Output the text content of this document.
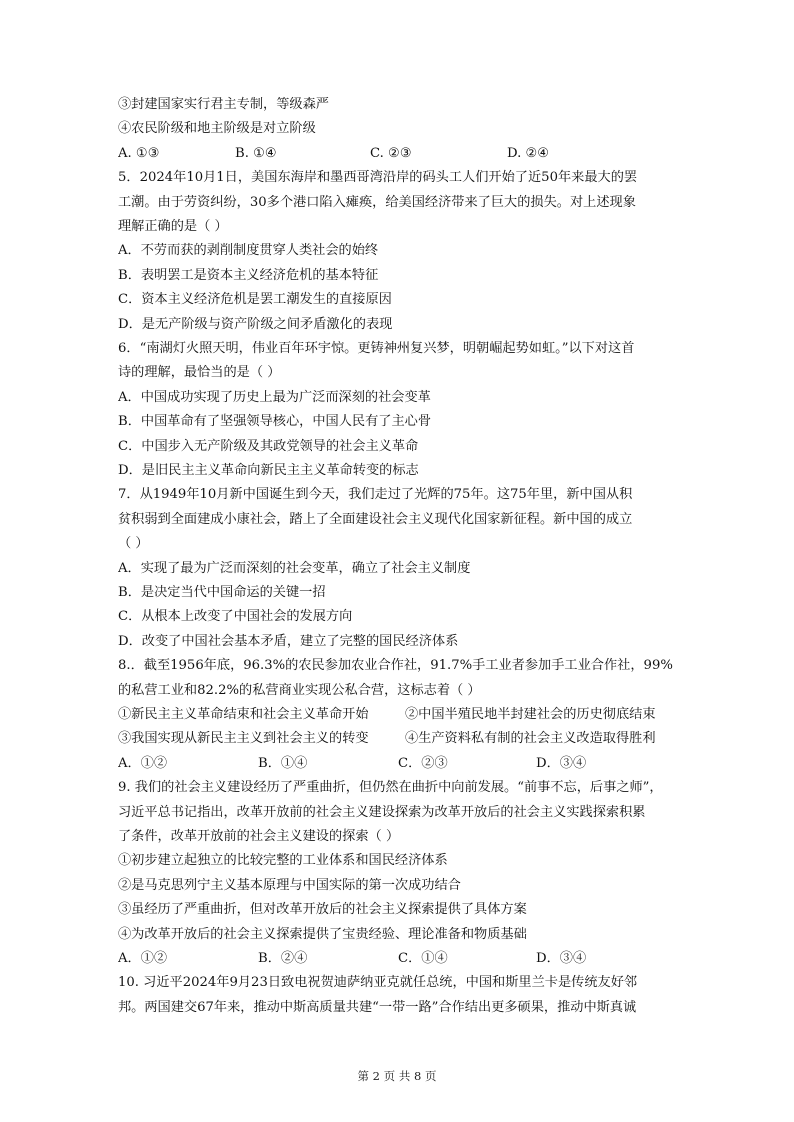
③封建国家实行君主专制，等级森严
④农民阶级和地主阶级是对立阶级
A. ①③	B. ①④	C. ②③	D. ②④
5．2024年10月1日，美国东海岸和墨西哥湾沿岸的码头工人们开始了近50年来最大的罢
工潮。由于劳资纠纷，30多个港口陷入瘫痪，给美国经济带来了巨大的损失。对上述现象
理解正确的是（ ）
A．不劳而获的剥削制度贯穿人类社会的始终
B．表明罢工是资本主义经济危机的基本特征
C．资本主义经济危机是罢工潮发生的直接原因
D．是无产阶级与资产阶级之间矛盾激化的表现
6．“南湖灯火照天明，伟业百年环宇惊。更铸神州复兴梦，明朝崛起势如虹。”以下对这首
诗的理解，最恰当的是（ ）
A．中国成功实现了历史上最为广泛而深刻的社会变革
B．中国革命有了坚强领导核心，中国人民有了主心骨
C．中国步入无产阶级及其政党领导的社会主义革命
D．是旧民主主义革命向新民主主义革命转变的标志
7．从1949年10月新中国诞生到今天，我们走过了光辉的75年。这75年里，新中国从积
贫积弱到全面建成小康社会，踏上了全面建设社会主义现代化国家新征程。新中国的成立
（ ）
A．实现了最为广泛而深刻的社会变革，确立了社会主义制度
B．是决定当代中国命运的关键一招
C．从根本上改变了中国社会的发展方向
D．改变了中国社会基本矛盾，建立了完整的国民经济体系
8.．截至1956年底，96.3%的农民参加农业合作社，91.7%手工业者参加手工业合作社，99%
的私营工业和82.2%的私营商业实现公私合营，这标志着（ ）
①新民主主义革命结束和社会主义革命开始	②中国半殖民地半封建社会的历史彻底结束
③我国实现从新民主主义到社会主义的转变	④生产资料私有制的社会主义改造取得胜利
A．①②	B．①④	C．②③	D．③④
9. 我们的社会主义建设经历了严重曲折，但仍然在曲折中向前发展。“前事不忘，后事之师”，
习近平总书记指出，改革开放前的社会主义建设探索为改革开放后的社会主义实践探索积累
了条件，改革开放前的社会主义建设的探索（ ）
①初步建立起独立的比较完整的工业体系和国民经济体系
②是马克思列宁主义基本原理与中国实际的第一次成功结合
③虽经历了严重曲折，但对改革开放后的社会主义探索提供了具体方案
④为改革开放后的社会主义探索提供了宝贵经验、理论准备和物质基础
A．①②	B．②④	C．①④	D．③④
10. 习近平2024年9月23日致电祝贺迪萨纳亚克就任总统，中国和斯里兰卡是传统友好邻
邦。两国建交67年来，推动中斯高质量共建“一带一路”合作结出更多硕果，推动中斯真诚
第 2 页 共 8 页
